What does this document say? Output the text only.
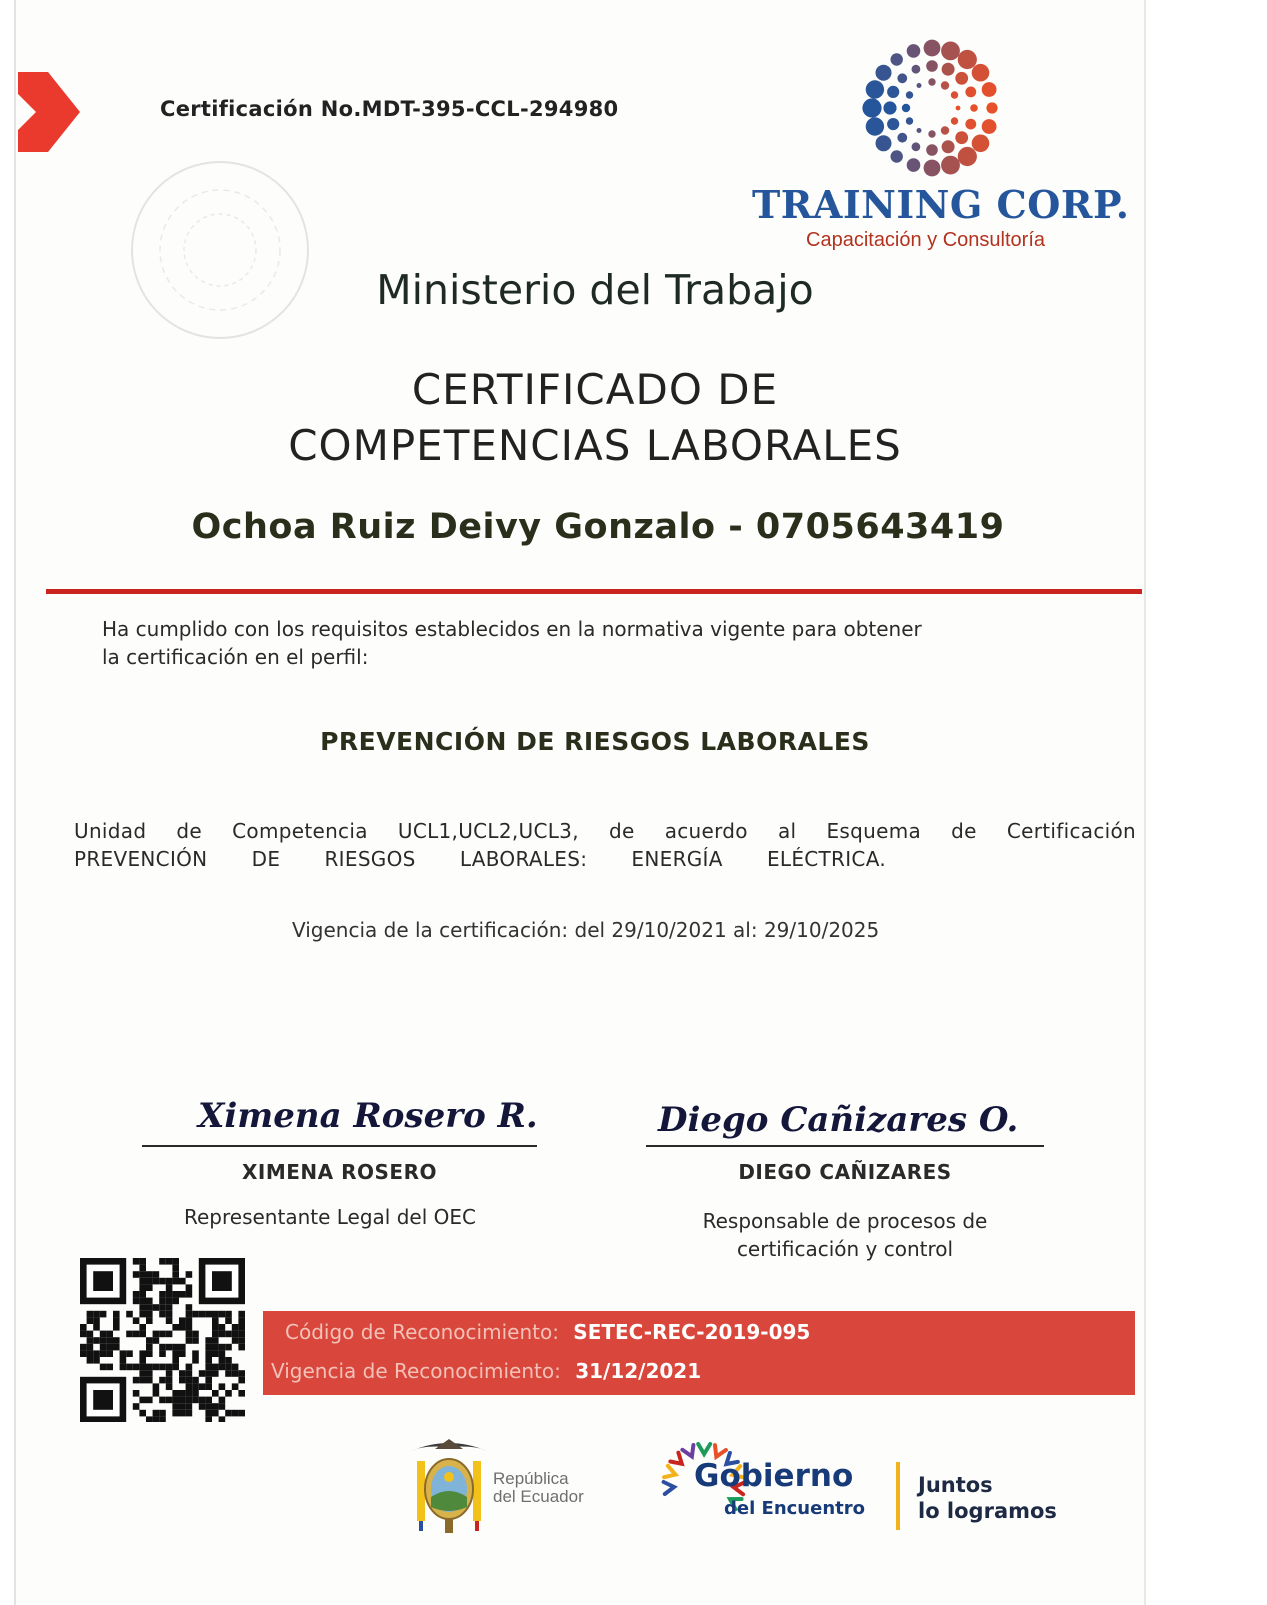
Certificación No.MDT-395-CCL-294980
TRAINING CORP.
Capacitación y Consultoría
Ministerio del Trabajo
CERTIFICADO DE
COMPETENCIAS LABORALES
Ochoa Ruiz Deivy Gonzalo - 0705643419
Ha cumplido con los requisitos establecidos en la normativa vigente para obtener
la certificación en el perfil:
PREVENCIÓN DE RIESGOS LABORALES
Unidad de Competencia UCL1,UCL2,UCL3, de acuerdo al Esquema de Certificación
PREVENCIÓN DE RIESGOS LABORALES: ENERGÍA ELÉCTRICA.
Vigencia de la certificación: del 29/10/2021 al: 29/10/2025
Ximena Rosero R.
XIMENA ROSERO
Representante Legal del OEC
Diego Cañizares O.
DIEGO CAÑIZARES
Responsable de procesos de
certificación y control
Código de Reconocimiento: SETEC-REC-2019-095
Vigencia de Reconocimiento: 31/12/2021
República
del Ecuador
Gobierno
del Encuentro
Juntos
lo logramos
